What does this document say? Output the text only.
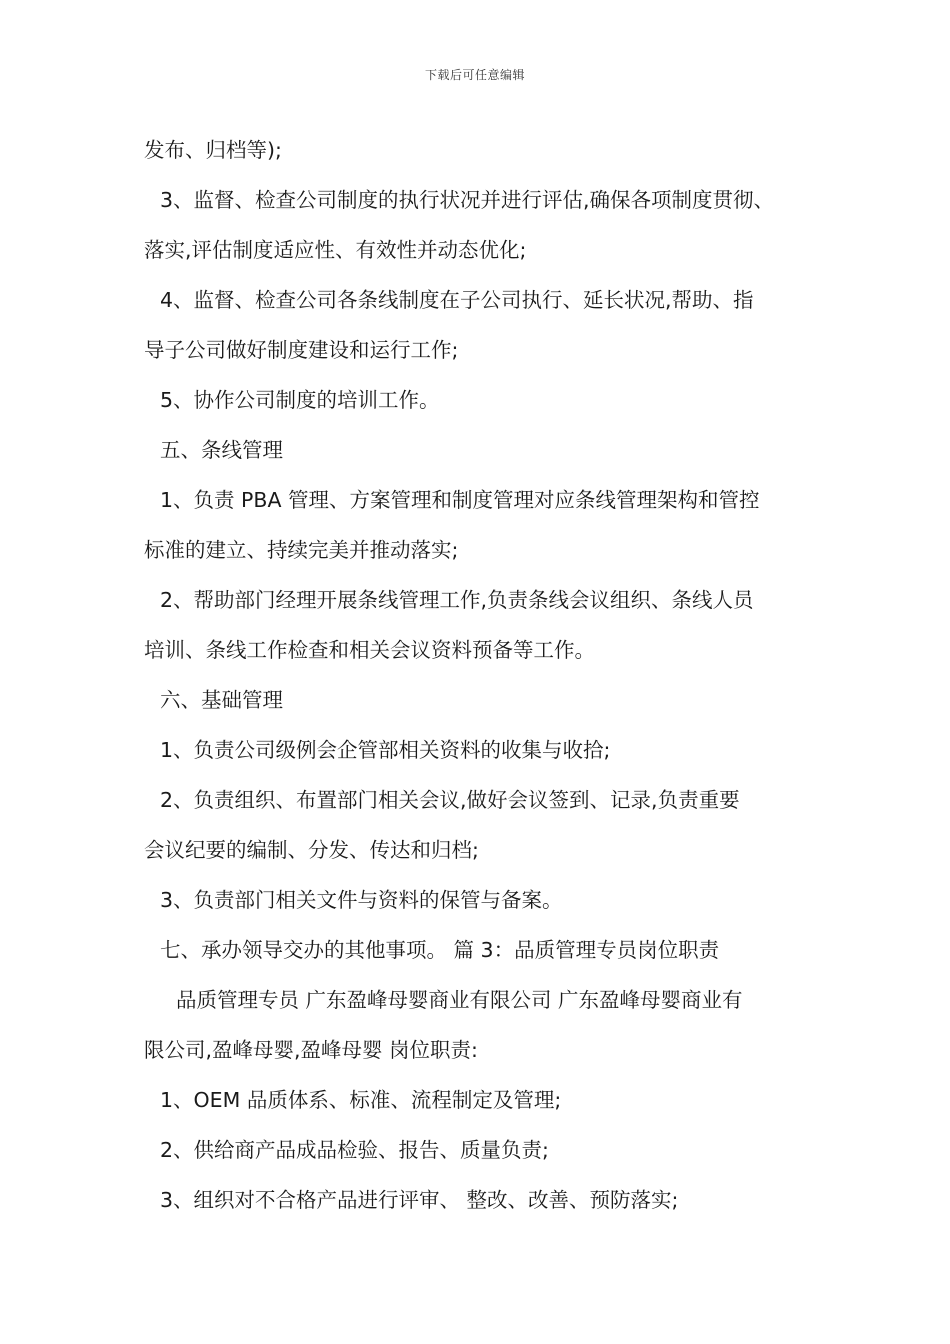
下载后可任意编辑
发布、归档等);
3、监督、检查公司制度的执行状况并进行评估,确保各项制度贯彻、
落实,评估制度适应性、有效性并动态优化;
4、监督、检查公司各条线制度在子公司执行、延长状况,帮助、指
导子公司做好制度建设和运行工作;
5、协作公司制度的培训工作。
五、条线管理
1、负责 PBA 管理、方案管理和制度管理对应条线管理架构和管控
标准的建立、持续完美并推动落实;
2、帮助部门经理开展条线管理工作,负责条线会议组织、条线人员
培训、条线工作检查和相关会议资料预备等工作。
六、基础管理
1、负责公司级例会企管部相关资料的收集与收拾;
2、负责组织、布置部门相关会议,做好会议签到、记录,负责重要
会议纪要的编制、分发、传达和归档;
3、负责部门相关文件与资料的保管与备案。
七、承办领导交办的其他事项。 篇 3：品质管理专员岗位职责
品质管理专员 广东盈峰母婴商业有限公司 广东盈峰母婴商业有
限公司,盈峰母婴,盈峰母婴 岗位职责:
1、OEM 品质体系、标准、流程制定及管理;
2、供给商产品成品检验、报告、质量负责;
3、组织对不合格产品进行评审、 整改、改善、预防落实;
